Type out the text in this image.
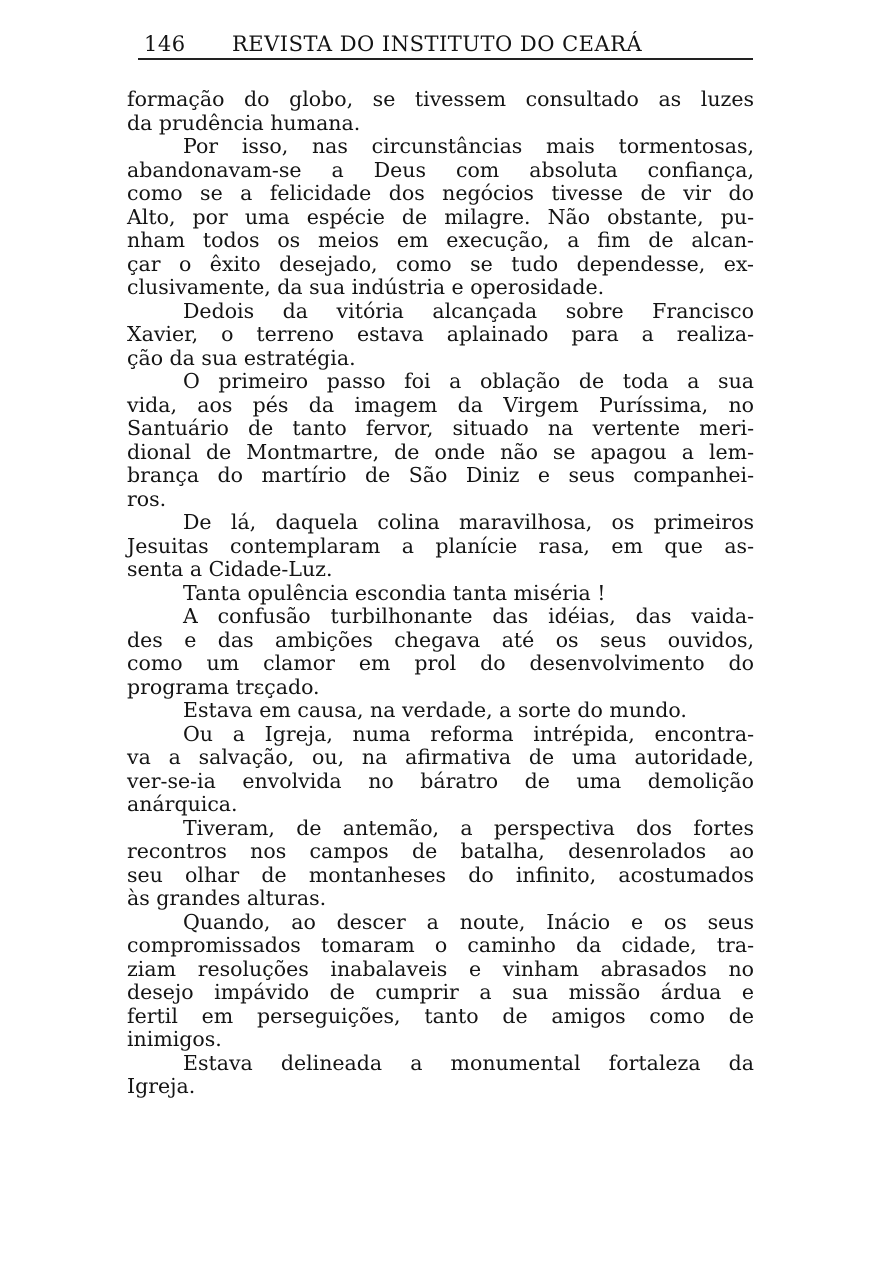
146 REVISTA DO INSTITUTO DO CEARÁ
formação do globo, se tivessem consultado as luzes
da prudência humana.
Por isso, nas circunstâncias mais tormentosas,
abandonavam-se a Deus com absoluta confiança,
como se a felicidade dos negócios tivesse de vir do
Alto, por uma espécie de milagre. Não obstante, pu-
nham todos os meios em execução, a fim de alcan-
çar o êxito desejado, como se tudo dependesse, ex-
clusivamente, da sua indústria e operosidade.
Dedois da vitória alcançada sobre Francisco
Xavier, o terreno estava aplainado para a realiza-
ção da sua estratégia.
O primeiro passo foi a oblação de toda a sua
vida, aos pés da imagem da Virgem Puríssima, no
Santuário de tanto fervor, situado na vertente meri-
dional de Montmartre, de onde não se apagou a lem-
brança do martírio de São Diniz e seus companhei-
ros.
De lá, daquela colina maravilhosa, os primeiros
Jesuitas contemplaram a planície rasa, em que as-
senta a Cidade-Luz.
Tanta opulência escondia tanta miséria !
A confusão turbilhonante das idéias, das vaida-
des e das ambições chegava até os seus ouvidos,
como um clamor em prol do desenvolvimento do
programa trεçado.
Estava em causa, na verdade, a sorte do mundo.
Ou a Igreja, numa reforma intrépida, encontra-
va a salvação, ou, na afirmativa de uma autoridade,
ver-se-ia envolvida no báratro de uma demolição
anárquica.
Tiveram, de antemão, a perspectiva dos fortes
recontros nos campos de batalha, desenrolados ao
seu olhar de montanheses do infinito, acostumados
às grandes alturas.
Quando, ao descer a noute, Inácio e os seus
compromissados tomaram o caminho da cidade, tra-
ziam resoluções inabalaveis e vinham abrasados no
desejo impávido de cumprir a sua missão árdua e
fertil em perseguições, tanto de amigos como de
inimigos.
Estava delineada a monumental fortaleza da
Igreja.
